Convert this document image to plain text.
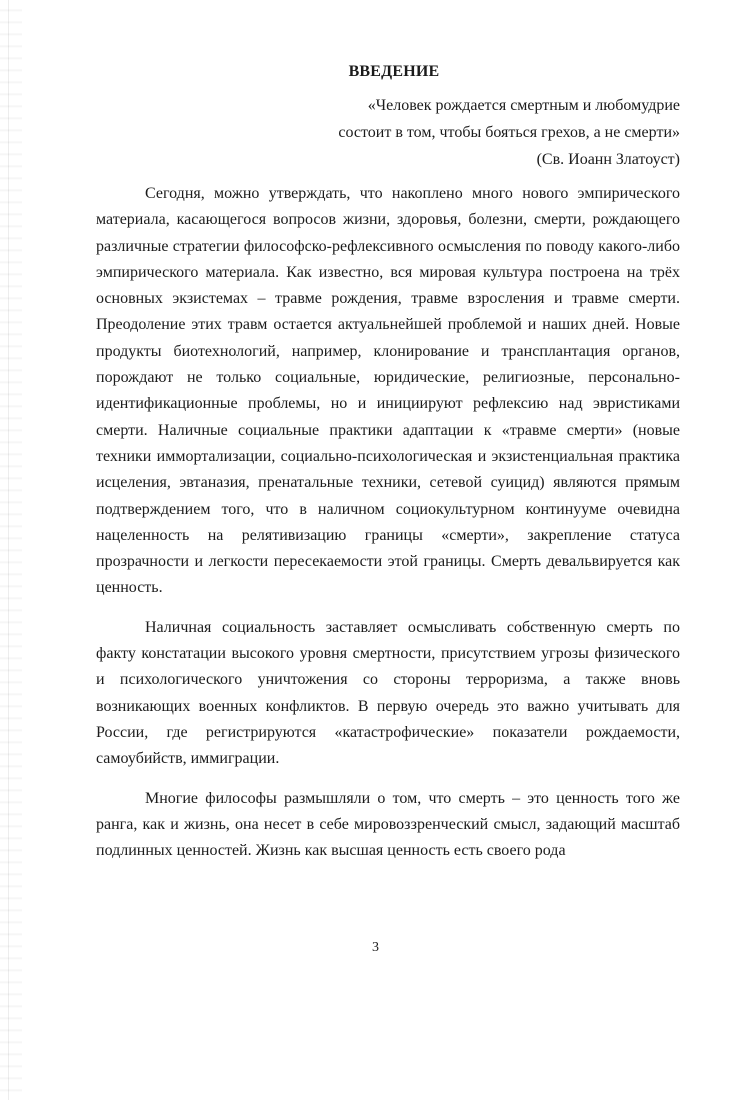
ВВЕДЕНИЕ
«Человек рождается смертным и любомудрие
состоит в том, чтобы бояться грехов, а не смерти»
(Св. Иоанн Златоуст)

Сегодня, можно утверждать, что накоплено много нового эмпирического материала, касающегося вопросов жизни, здоровья, болезни, смерти, рождающего различные стратегии философско-рефлексивного осмысления по поводу какого-либо эмпирического материала. Как известно, вся мировая культура построена на трёх основных экзистемах – травме рождения, травме взросления и травме смерти. Преодоление этих травм остается актуальнейшей проблемой и наших дней. Новые продукты биотехнологий, например, клонирование и трансплантация органов, порождают не только социальные, юридические, религиозные, персонально-идентификационные проблемы, но и инициируют рефлексию над эвристиками смерти. Наличные социальные практики адаптации к «травме смерти» (новые техники иммортализации, социально-психологическая и экзистенциальная практика исцеления, эвтаназия, пренатальные техники, сетевой суицид) являются прямым подтверждением того, что в наличном социокультурном континууме очевидна нацеленность на релятивизацию границы «смерти», закрепление статуса прозрачности и легкости пересекаемости этой границы. Смерть девальвируется как ценность.

Наличная социальность заставляет осмысливать собственную смерть по факту констатации высокого уровня смертности, присутствием угрозы физического и психологического уничтожения со стороны терроризма, а также вновь возникающих военных конфликтов. В первую очередь это важно учитывать для России, где регистрируются «катастрофические» показатели рождаемости, самоубийств, иммиграции.

Многие философы размышляли о том, что смерть – это ценность того же ранга, как и жизнь, она несет в себе мировоззренческий смысл, задающий масштаб подлинных ценностей. Жизнь как высшая ценность есть своего рода

3
